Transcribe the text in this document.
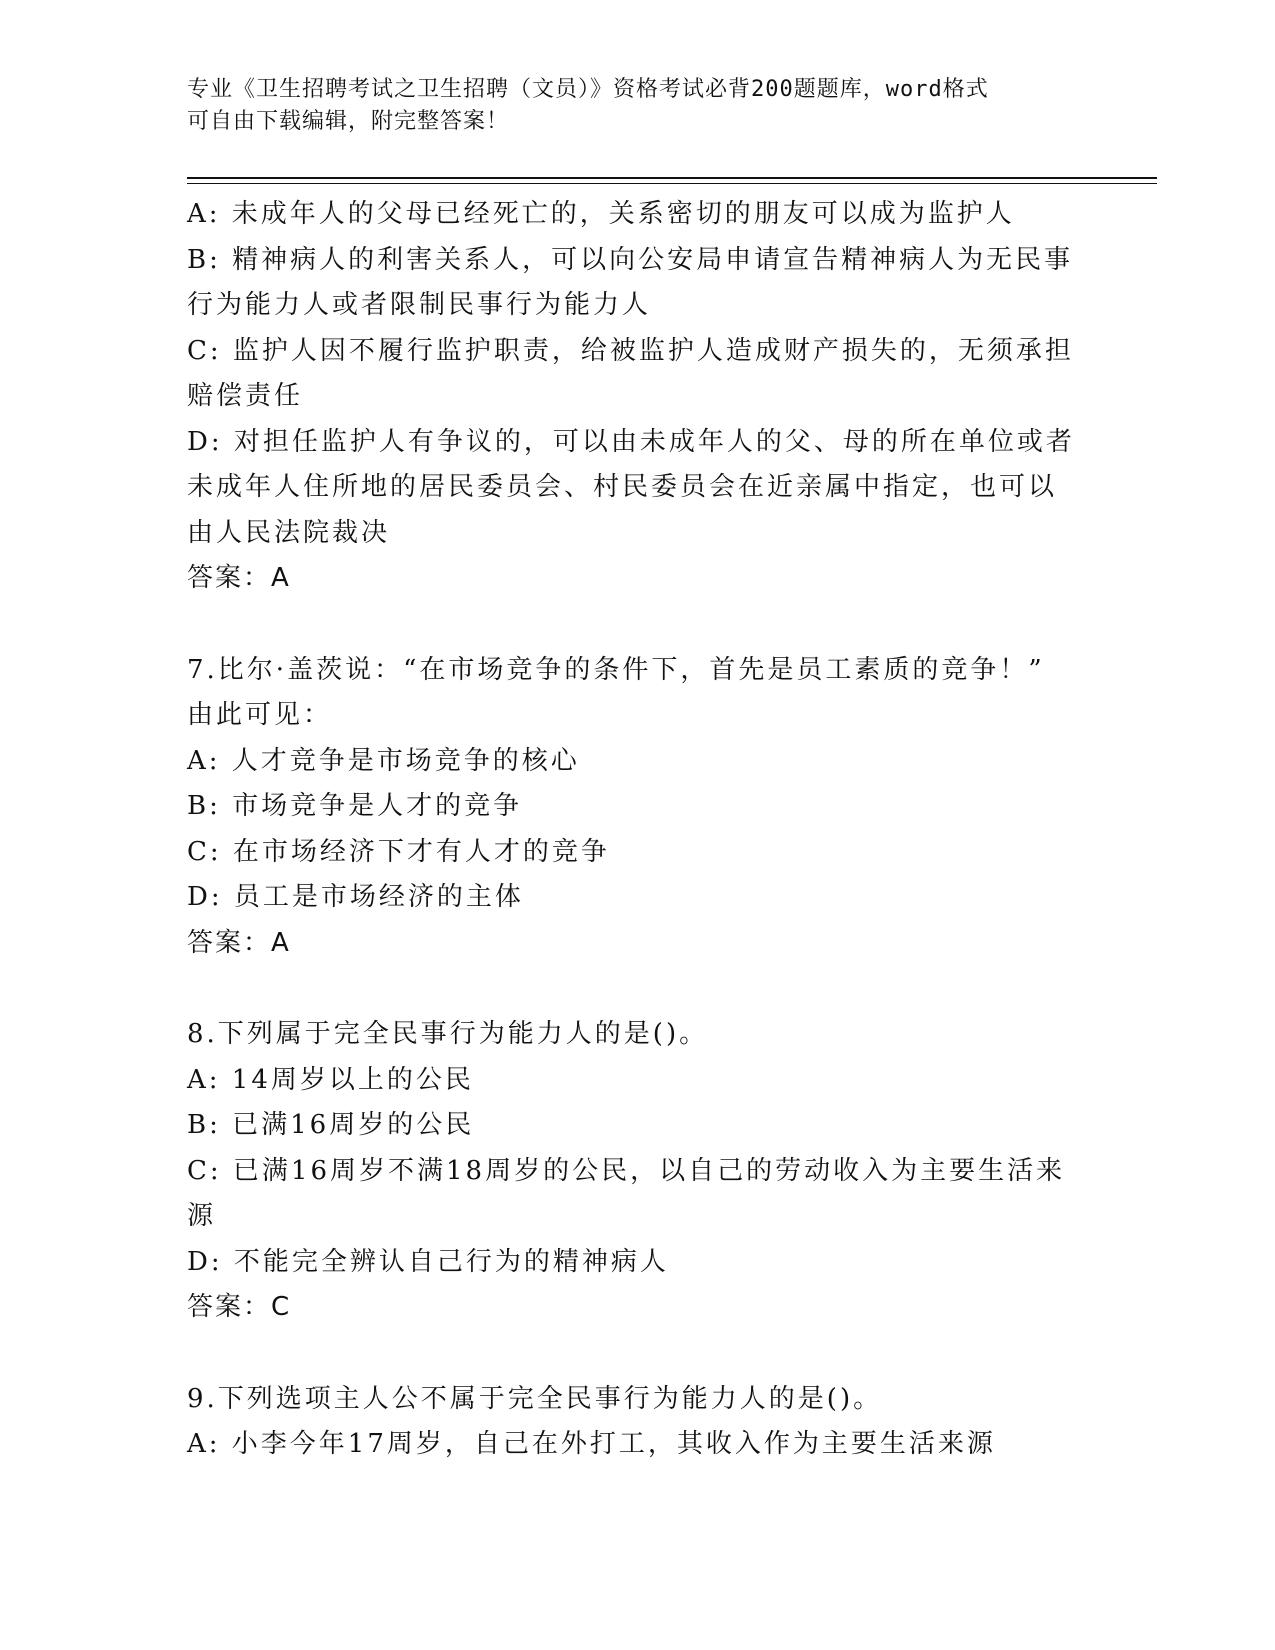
专业《卫生招聘考试之卫生招聘（文员）》资格考试必背200题题库，word格式
可自由下载编辑，附完整答案！
A: 未成年人的父母已经死亡的，关系密切的朋友可以成为监护人
B: 精神病人的利害关系人，可以向公安局申请宣告精神病人为无民事
行为能力人或者限制民事行为能力人
C: 监护人因不履行监护职责，给被监护人造成财产损失的，无须承担
赔偿责任
D: 对担任监护人有争议的，可以由未成年人的父、母的所在单位或者
未成年人住所地的居民委员会、村民委员会在近亲属中指定，也可以
由人民法院裁决
答案：A
7.比尔·盖茨说：“在市场竞争的条件下，首先是员工素质的竞争！”
由此可见：
A: 人才竞争是市场竞争的核心
B: 市场竞争是人才的竞争
C: 在市场经济下才有人才的竞争
D: 员工是市场经济的主体
答案：A
8.下列属于完全民事行为能力人的是()。
A: 14周岁以上的公民
B: 已满16周岁的公民
C: 已满16周岁不满18周岁的公民，以自己的劳动收入为主要生活来
源
D: 不能完全辨认自己行为的精神病人
答案：C
9.下列选项主人公不属于完全民事行为能力人的是()。
A: 小李今年17周岁，自己在外打工，其收入作为主要生活来源
